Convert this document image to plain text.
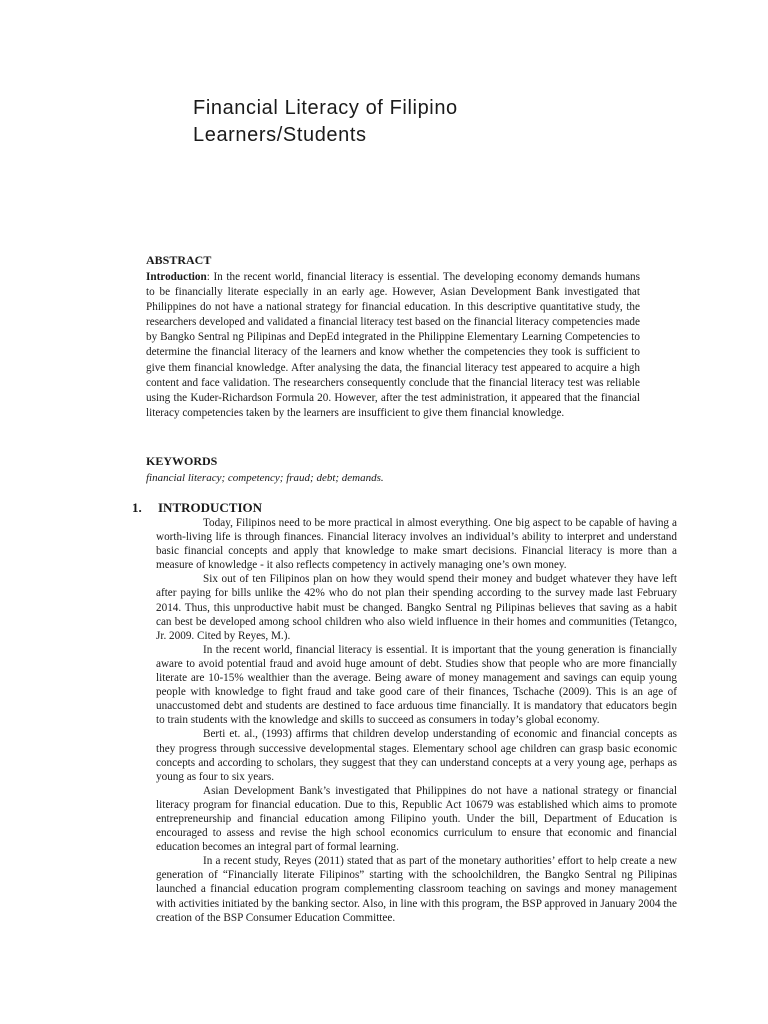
Financial Literacy of Filipino
Learners/Students

ABSTRACT

Introduction: In the recent world, financial literacy is essential. The developing economy demands humans to be financially literate especially in an early age. However, Asian Development Bank investigated that Philippines do not have a national strategy for financial education. In this descriptive quantitative study, the researchers developed and validated a financial literacy test based on the financial literacy competencies made by Bangko Sentral ng Pilipinas and DepEd integrated in the Philippine Elementary Learning Competencies to determine the financial literacy of the learners and know whether the competencies they took is sufficient to give them financial knowledge. After analysing the data, the financial literacy test appeared to acquire a high content and face validation. The researchers consequently conclude that the financial literacy test was reliable using the Kuder-Richardson Formula 20. However, after the test administration, it appeared that the financial literacy competencies taken by the learners are insufficient to give them financial knowledge.

KEYWORDS

financial literacy; competency; fraud; debt; demands.

1. INTRODUCTION

Today, Filipinos need to be more practical in almost everything. One big aspect to be capable of having a worth-living life is through finances. Financial literacy involves an individual’s ability to interpret and understand basic financial concepts and apply that knowledge to make smart decisions. Financial literacy is more than a measure of knowledge - it also reflects competency in actively managing one’s own money.

Six out of ten Filipinos plan on how they would spend their money and budget whatever they have left after paying for bills unlike the 42% who do not plan their spending according to the survey made last February 2014. Thus, this unproductive habit must be changed. Bangko Sentral ng Pilipinas believes that saving as a habit can best be developed among school children who also wield influence in their homes and communities (Tetangco, Jr. 2009. Cited by Reyes, M.).

In the recent world, financial literacy is essential. It is important that the young generation is financially aware to avoid potential fraud and avoid huge amount of debt. Studies show that people who are more financially literate are 10-15% wealthier than the average. Being aware of money management and savings can equip young people with knowledge to fight fraud and take good care of their finances, Tschache (2009). This is an age of unaccustomed debt and students are destined to face arduous time financially. It is mandatory that educators begin to train students with the knowledge and skills to succeed as consumers in today’s global economy.

Berti et. al., (1993) affirms that children develop understanding of economic and financial concepts as they progress through successive developmental stages. Elementary school age children can grasp basic economic concepts and according to scholars, they suggest that they can understand concepts at a very young age, perhaps as young as four to six years.

Asian Development Bank’s investigated that Philippines do not have a national strategy or financial literacy program for financial education. Due to this, Republic Act 10679 was established which aims to promote entrepreneurship and financial education among Filipino youth. Under the bill, Department of Education is encouraged to assess and revise the high school economics curriculum to ensure that economic and financial education becomes an integral part of formal learning.

In a recent study, Reyes (2011) stated that as part of the monetary authorities’ effort to help create a new generation of “Financially literate Filipinos” starting with the schoolchildren, the Bangko Sentral ng Pilipinas launched a financial education program complementing classroom teaching on savings and money management with activities initiated by the banking sector. Also, in line with this program, the BSP approved in January 2004 the creation of the BSP Consumer Education Committee.
